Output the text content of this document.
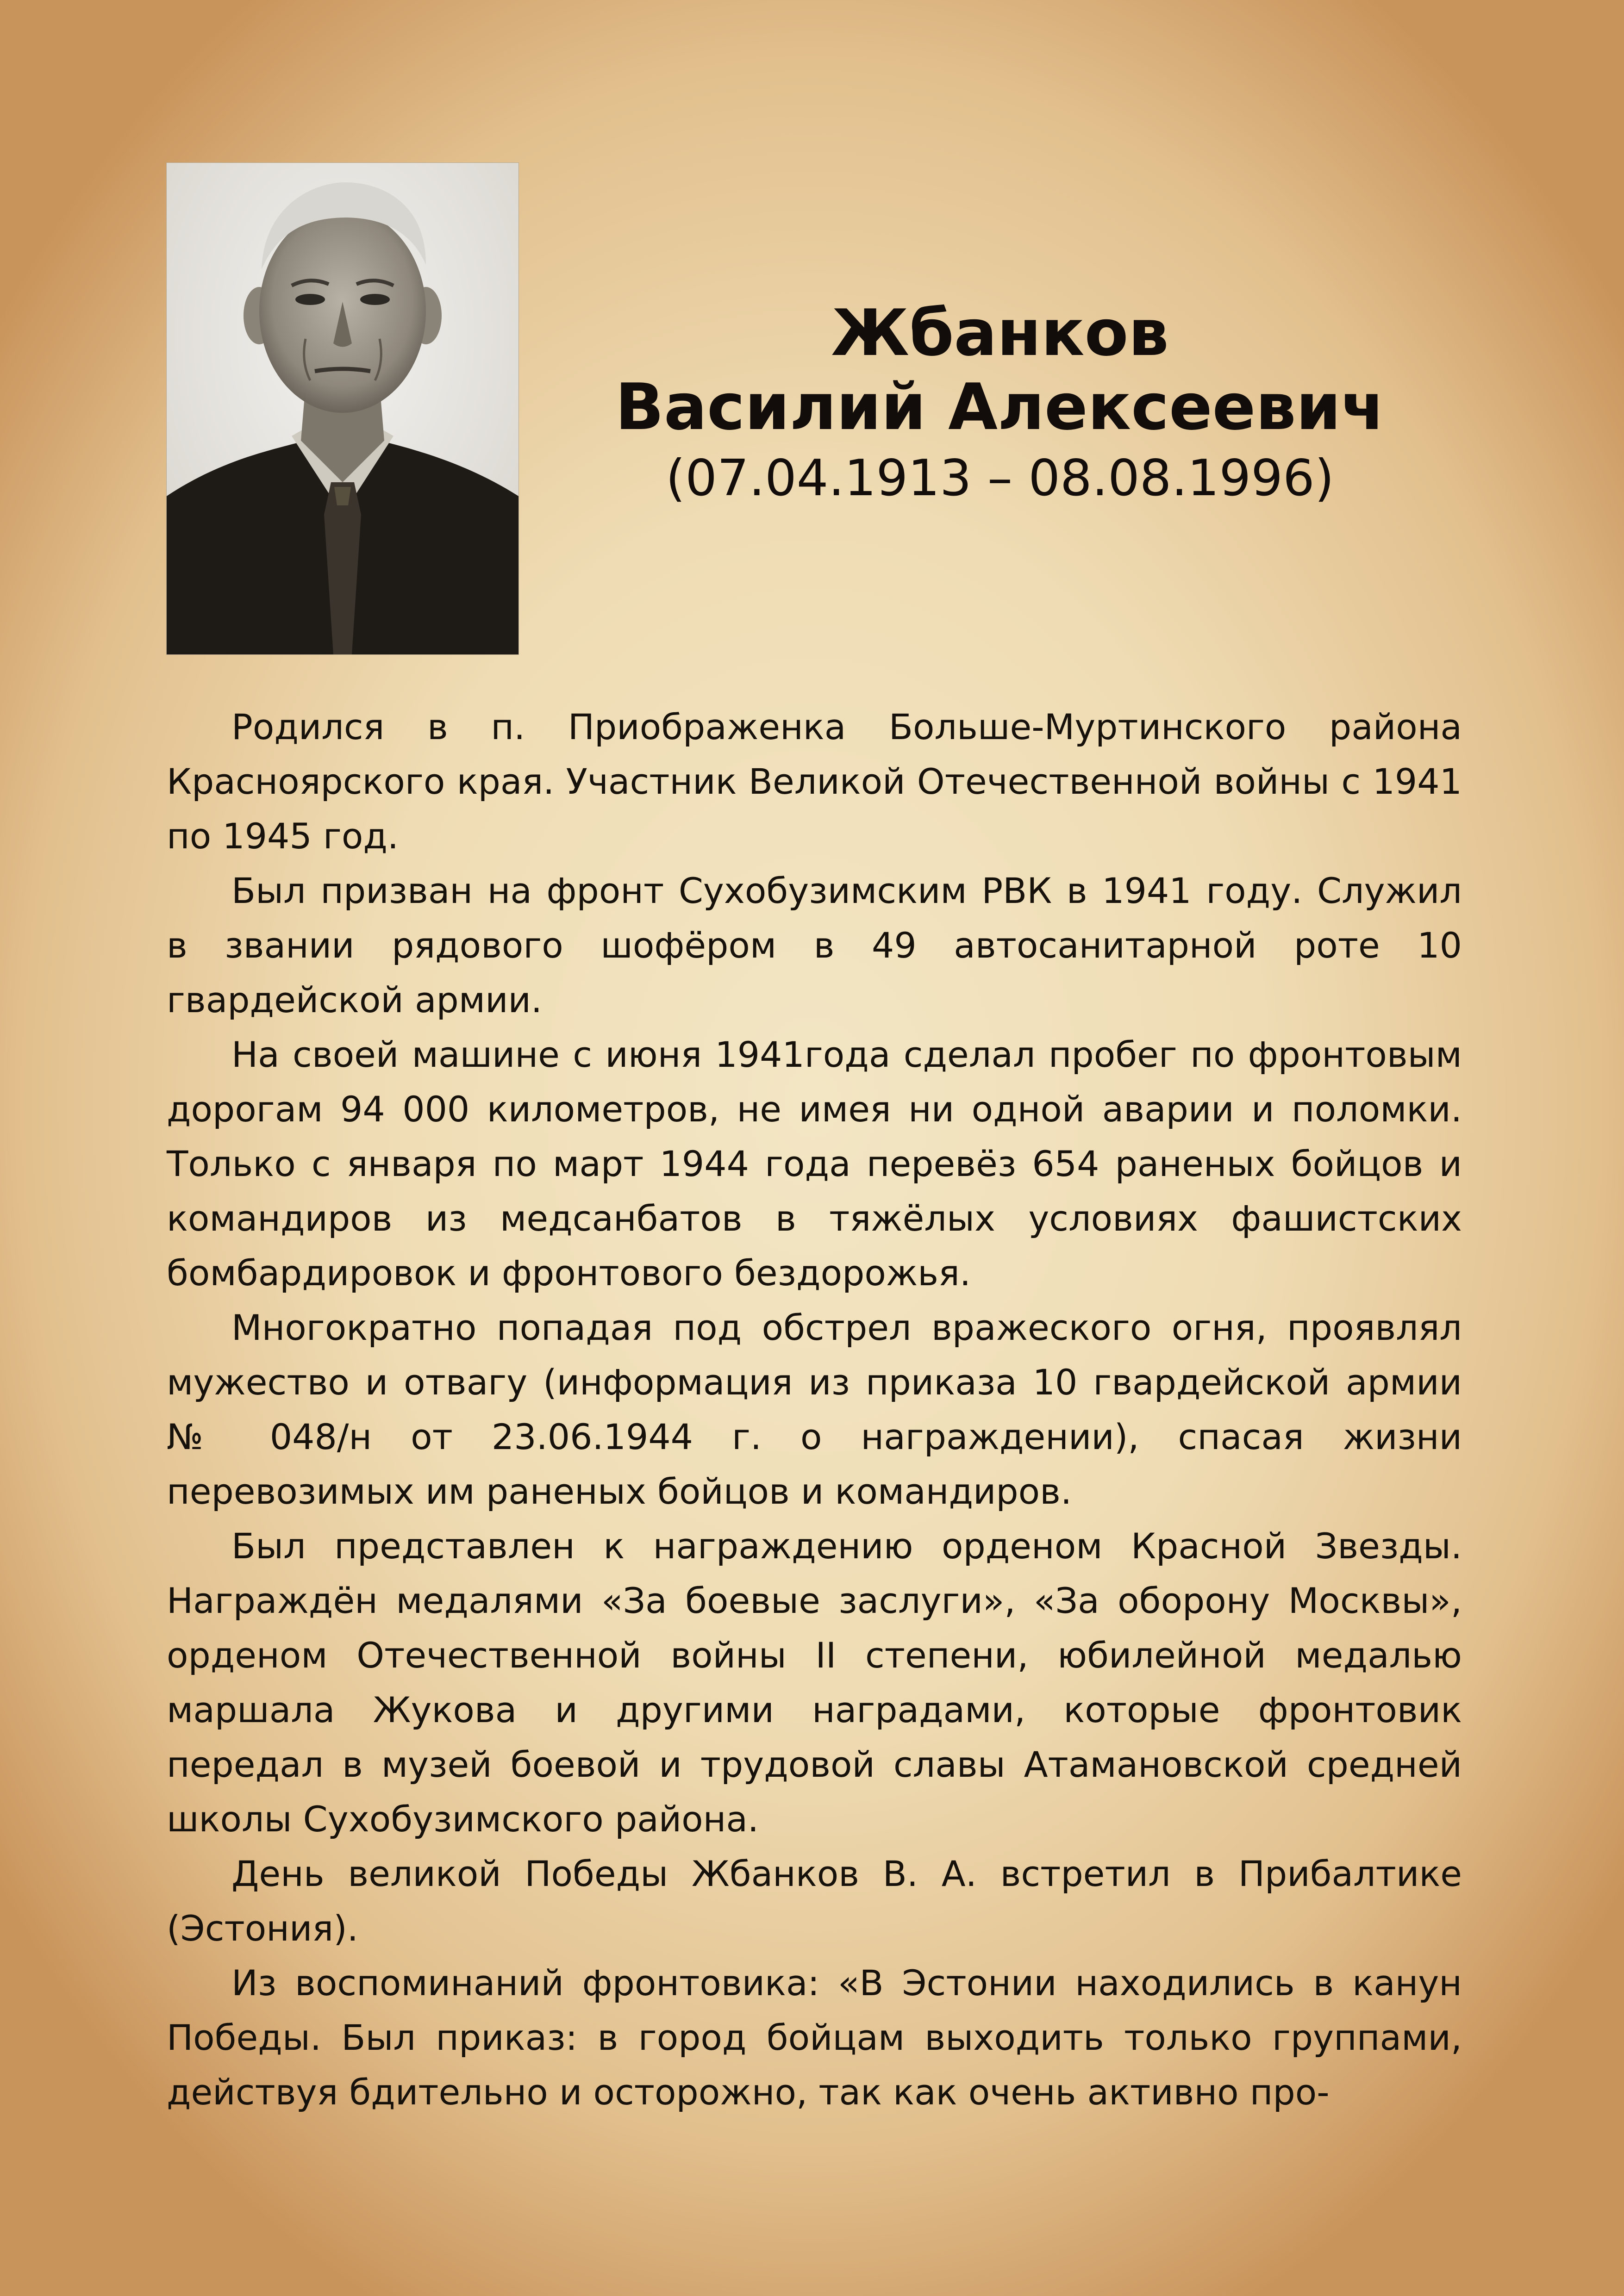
Жбанков
Василий Алексеевич
(07.04.1913 – 08.08.1996)

Родился в п. Приображенка Больше-Муртинского района Красноярского края. Участник Великой Отечественной войны с 1941 по 1945 год.

Был призван на фронт Сухобузимским РВК в 1941 году. Служил в звании рядового шофёром в 49 автосанитарной роте 10 гвардейской армии.

На своей машине с июня 1941года сделал пробег по фронтовым дорогам 94 000 километров, не имея ни одной аварии и поломки. Только с января по март 1944 года перевёз 654 раненых бойцов и командиров из медсанбатов в тяжёлых условиях фашистских бомбардировок и фронтового бездорожья.

Многократно попадая под обстрел вражеского огня, проявлял мужество и отвагу (информация из приказа 10 гвардейской армии № 048/н от 23.06.1944 г. о награждении), спасая жизни перевозимых им раненых бойцов и командиров.

Был представлен к награждению орденом Красной Звезды. Награждён медалями «За боевые заслуги», «За оборону Москвы», орденом Отечественной войны II степени, юбилейной медалью маршала Жукова и другими наградами, которые фронтовик передал в музей боевой и трудовой славы Атамановской средней школы Сухобузимского района.

День великой Победы Жбанков В. А. встретил в Прибалтике (Эстония).

Из воспоминаний фронтовика: «В Эстонии находились в канун Победы. Был приказ: в город бойцам выходить только группами, действуя бдительно и осторожно, так как очень активно про-
